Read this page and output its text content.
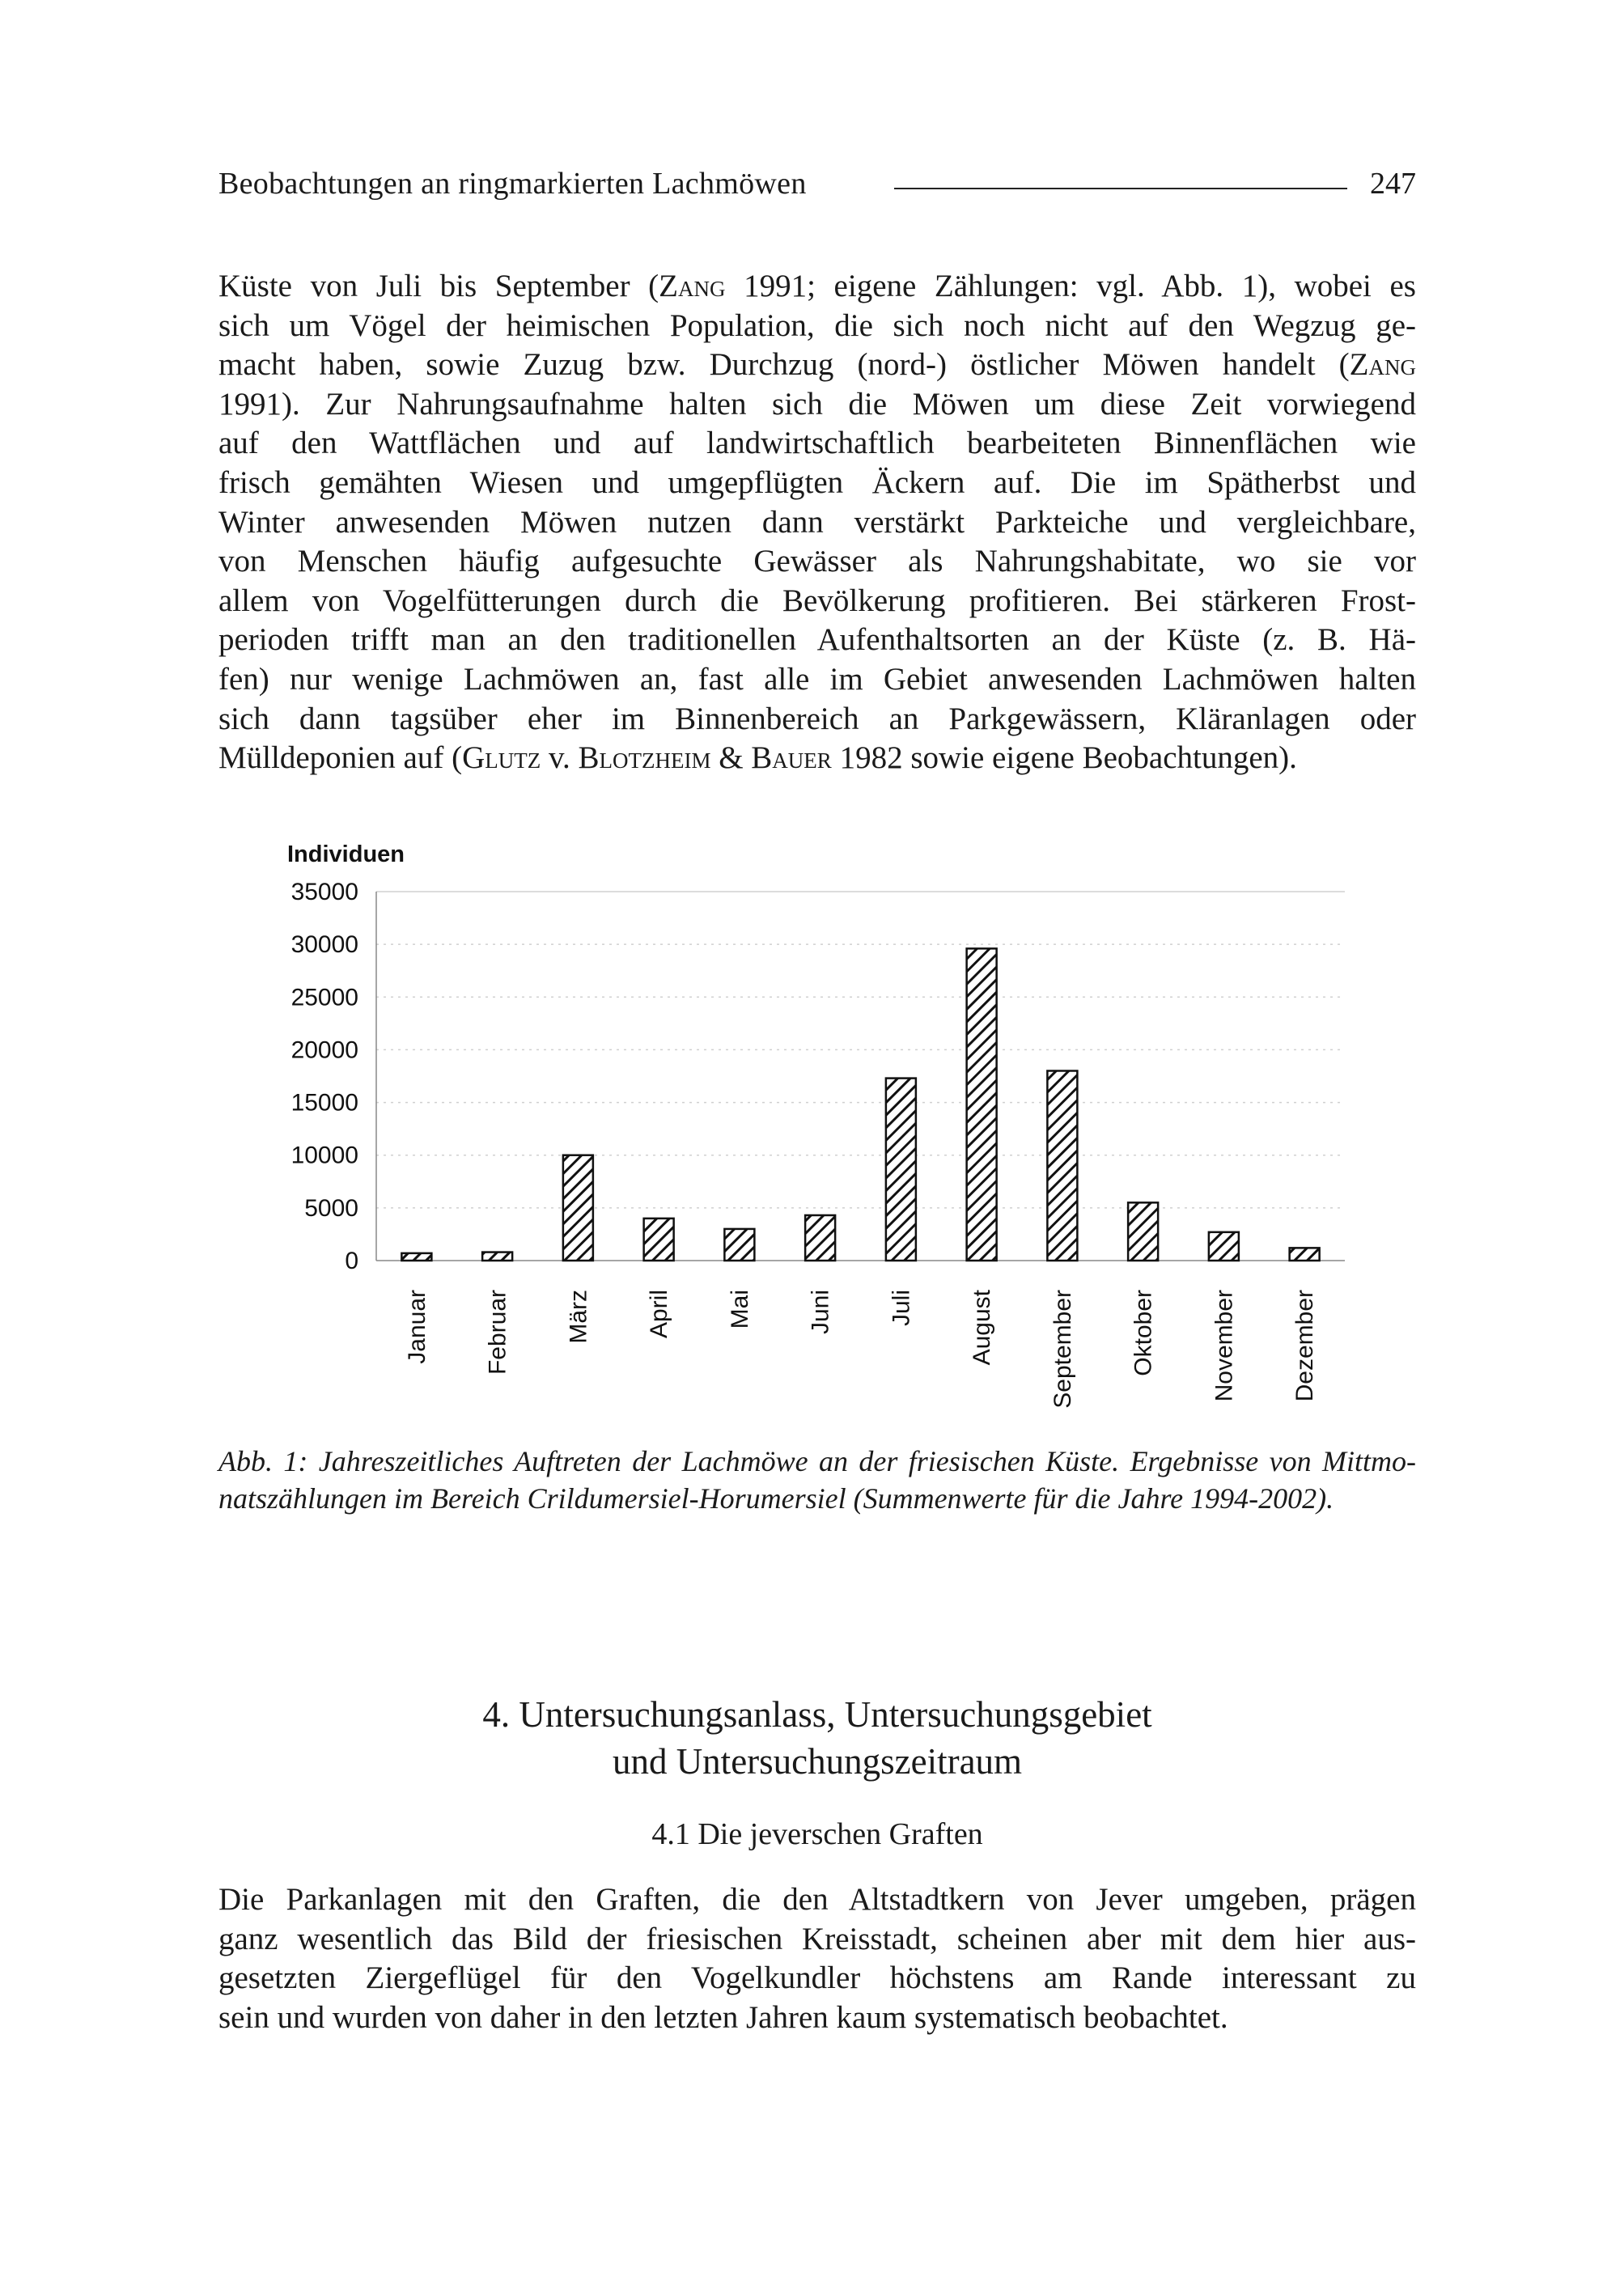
Beobachtungen an ringmarkierten Lachmöwen	247
Küste von Juli bis September (Zang 1991; eigene Zählungen: vgl. Abb. 1), wobei es
sich um Vögel der heimischen Population, die sich noch nicht auf den Wegzug ge-
macht haben, sowie Zuzug bzw. Durchzug (nord-) östlicher Möwen handelt (Zang
1991). Zur Nahrungsaufnahme halten sich die Möwen um diese Zeit vorwiegend
auf den Wattflächen und auf landwirtschaftlich bearbeiteten Binnenflächen wie
frisch gemähten Wiesen und umgepflügten Äckern auf. Die im Spätherbst und
Winter anwesenden Möwen nutzen dann verstärkt Parkteiche und vergleichbare,
von Menschen häufig aufgesuchte Gewässer als Nahrungshabitate, wo sie vor
allem von Vogelfütterungen durch die Bevölkerung profitieren. Bei stärkeren Frost-
perioden trifft man an den traditionellen Aufenthaltsorten an der Küste (z. B. Hä-
fen) nur wenige Lachmöwen an, fast alle im Gebiet anwesenden Lachmöwen halten
sich dann tagsüber eher im Binnenbereich an Parkgewässern, Kläranlagen oder
Mülldeponien auf (Glutz v. Blotzheim & Bauer 1982 sowie eigene Beobachtungen).
0
5000
10000
15000
20000
25000
30000
35000
Januar Februar März April Mai Juni Juli August September Oktober November Dezember
Individuen
Abb. 1: Jahreszeitliches Auftreten der Lachmöwe an der friesischen Küste. Ergebnisse von Mittmo-
natszählungen im Bereich Crildumersiel-Horumersiel (Summenwerte für die Jahre 1994-2002).
4. Untersuchungsanlass, Untersuchungsgebiet
und Untersuchungszeitraum
4.1 Die jeverschen Graften
Die Parkanlagen mit den Graften, die den Altstadtkern von Jever umgeben, prägen
ganz wesentlich das Bild der friesischen Kreisstadt, scheinen aber mit dem hier aus-
gesetzten Ziergeflügel für den Vogelkundler höchstens am Rande interessant zu
sein und wurden von daher in den letzten Jahren kaum systematisch beobachtet.
